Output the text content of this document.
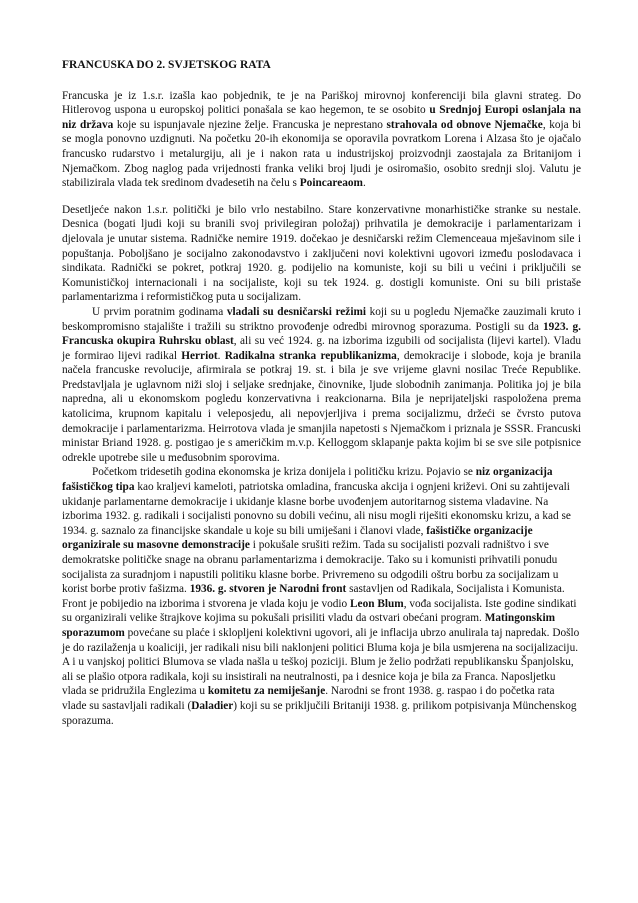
FRANCUSKA DO 2. SVJETSKOG RATA

Francuska je iz 1.s.r. izašla kao pobjednik, te je na Pariškoj mirovnoj konferenciji bila glavni strateg. Do Hitlerovog uspona u europskoj politici ponašala se kao hegemon, te se osobito u Srednjoj Europi oslanjala na niz država koje su ispunjavale njezine želje. Francuska je neprestano strahovala od obnove Njemačke, koja bi se mogla ponovno uzdignuti. Na početku 20-ih ekonomija se oporavila povratkom Lorena i Alzasa što je ojačalo francusko rudarstvo i metalurgiju, ali je i nakon rata u industrijskoj proizvodnji zaostajala za Britanijom i Njemačkom. Zbog naglog pada vrijednosti franka veliki broj ljudi je osiromašio, osobito srednji sloj. Valutu je stabilizirala vlada tek sredinom dvadesetih na čelu s Poincareaom.

Desetljeće nakon 1.s.r. politički je bilo vrlo nestabilno. Stare konzervativne monarhističke stranke su nestale. Desnica (bogati ljudi koji su branili svoj privilegiran položaj) prihvatila je demokracije i parlamentarizam i djelovala je unutar sistema. Radničke nemire 1919. dočekao je desničarski režim Clemenceaua mješavinom sile i popuštanja. Poboljšano je socijalno zakonodavstvo i zaključeni novi kolektivni ugovori između poslodavaca i sindikata. Radnički se pokret, potkraj 1920. g. podijelio na komuniste, koji su bili u većini i priključili se Komunističkoj internacionali i na socijaliste, koji su tek 1924. g. dostigli komuniste. Oni su bili pristaše parlamentarizma i reformističkog puta u socijalizam.

U prvim poratnim godinama vladali su desničarski režimi koji su u pogledu Njemačke zauzimali kruto i beskompromisno stajalište i tražili su striktno provođenje odredbi mirovnog sporazuma. Postigli su da 1923. g. Francuska okupira Ruhrsku oblast, ali su već 1924. g. na izborima izgubili od socijalista (lijevi kartel). Vladu je formirao lijevi radikal Herriot. Radikalna stranka republikanizma, demokracije i slobode, koja je branila načela francuske revolucije, afirmirala se potkraj 19. st. i bila je sve vrijeme glavni nosilac Treće Republike. Predstavljala je uglavnom niži sloj i seljake srednjake, činovnike, ljude slobodnih zanimanja. Politika joj je bila napredna, ali u ekonomskom pogledu konzervativna i reakcionarna. Bila je neprijateljski raspoložena prema katolicima, krupnom kapitalu i veleposjedu, ali nepovjerljiva i prema socijalizmu, držeći se čvrsto putova demokracije i parlamentarizma. Heirrotova vlada je smanjila napetosti s Njemačkom i priznala je SSSR. Francuski ministar Briand 1928. g. postigao je s američkim m.v.p. Kelloggom sklapanje pakta kojim bi se sve sile potpisnice odrekle upotrebe sile u međusobnim sporovima.

Početkom tridesetih godina ekonomska je kriza donijela i političku krizu. Pojavio se niz organizacija fašističkog tipa kao kraljevi kameloti, patriotska omladina, francuska akcija i ognjeni križevi. Oni su zahtijevali ukidanje parlamentarne demokracije i ukidanje klasne borbe uvođenjem autoritarnog sistema vladavine. Na izborima 1932. g. radikali i socijalisti ponovno su dobili većinu, ali nisu mogli riješiti ekonomsku krizu, a kad se 1934. g. saznalo za financijske skandale u koje su bili umiješani i članovi vlade, fašističke organizacije organizirale su masovne demonstracije i pokušale srušiti režim. Tada su socijalisti pozvali radništvo i sve demokratske političke snage na obranu parlamentarizma i demokracije. Tako su i komunisti prihvatili ponudu socijalista za suradnjom i napustili politiku klasne borbe. Privremeno su odgodili oštru borbu za socijalizam u korist borbe protiv fašizma. 1936. g. stvoren je Narodni front sastavljen od Radikala, Socijalista i Komunista. Front je pobijedio na izborima i stvorena je vlada koju je vodio Leon Blum, vođa socijalista. Iste godine sindikati su organizirali velike štrajkove kojima su pokušali prisiliti vladu da ostvari obećani program. Matingonskim sporazumom povećane su plaće i sklopljeni kolektivni ugovori, ali je inflacija ubrzo anulirala taj napredak. Došlo je do razilaženja u koaliciji, jer radikali nisu bili naklonjeni politici Bluma koja je bila usmjerena na socijalizaciju. A i u vanjskoj politici Blumova se vlada našla u teškoj poziciji. Blum je želio podržati republikansku Španjolsku, ali se plašio otpora radikala, koji su insistirali na neutralnosti, pa i desnice koja je bila za Franca. Naposljetku vlada se pridružila Englezima u komitetu za nemiješanje. Narodni se front 1938. g. raspao i do početka rata vlade su sastavljali radikali (Daladier) koji su se priključili Britaniji 1938. g. prilikom potpisivanja Münchenskog sporazuma.
